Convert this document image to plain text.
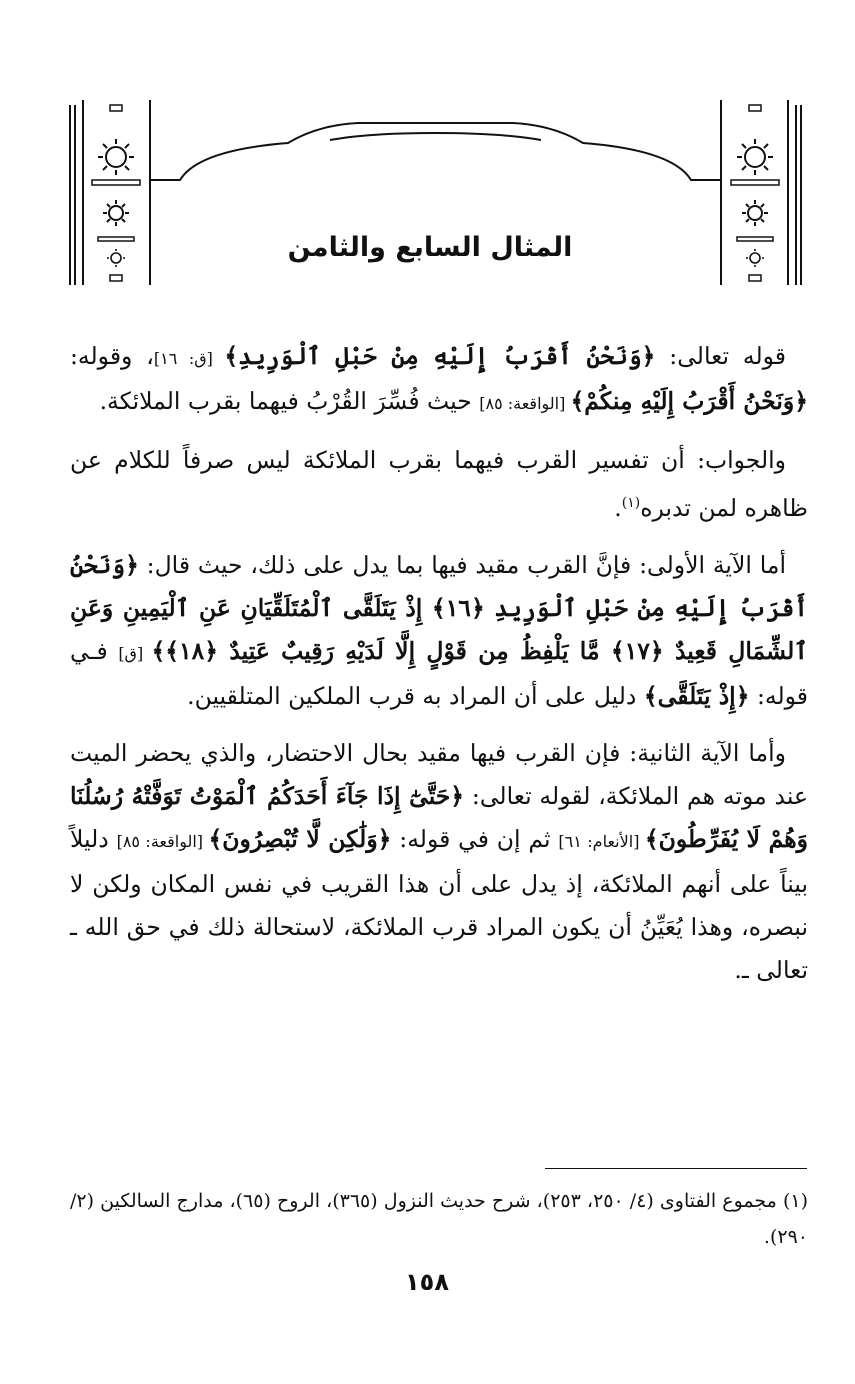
المثال السابع والثامن

قوله تعالى: ﴿وَنَحْنُ أَقْرَبُ إِلَيْهِ مِنْ حَبْلِ ٱلْوَرِيدِ﴾ [ق: ١٦]، وقوله: ﴿وَنَحْنُ أَقْرَبُ إِلَيْهِ مِنكُمْ﴾ [الواقعة: ٨٥] حيث فُسِّرَ القُرْبُ فيهما بقرب الملائكة.

والجواب: أن تفسير القرب فيهما بقرب الملائكة ليس صرفاً للكلام عن ظاهره لمن تدبره$^{(١)}$.

أما الآية الأولى: فإنَّ القرب مقيد فيها بما يدل على ذلك، حيث قال: ﴿وَنَحْنُ أَقْرَبُ إِلَيْهِ مِنْ حَبْلِ ٱلْوَرِيدِ ﴿١٦﴾ إِذْ يَتَلَقَّى ٱلْمُتَلَقِّيَانِ عَنِ ٱلْيَمِينِ وَعَنِ ٱلشِّمَالِ قَعِيدٌ ﴿١٧﴾ مَّا يَلْفِظُ مِن قَوْلٍ إِلَّا لَدَيْهِ رَقِيبٌ عَتِيدٌ ﴿١٨﴾﴾ [ق] فـي قوله: ﴿إِذْ يَتَلَقَّى﴾ دليل على أن المراد به قرب الملكين المتلقيين.

وأما الآية الثانية: فإن القرب فيها مقيد بحال الاحتضار، والذي يحضر الميت عند موته هم الملائكة، لقوله تعالى: ﴿حَتَّىٰٓ إِذَا جَآءَ أَحَدَكُمُ ٱلْمَوْتُ تَوَفَّتْهُ رُسُلُنَا وَهُمْ لَا يُفَرِّطُونَ﴾ [الأنعام: ٦١] ثم إن في قوله: ﴿وَلَٰكِن لَّا تُبْصِرُونَ﴾ [الواقعة: ٨٥] دليلاً بيناً على أنهم الملائكة، إذ يدل على أن هذا القريب في نفس المكان ولكن لا نبصره، وهذا يُعَيِّنُ أن يكون المراد قرب الملائكة، لاستحالة ذلك في حق الله ـ تعالى ـ.

(١) مجموع الفتاوى (٤/ ٢٥٠، ٢٥٣)، شرح حديث النزول (٣٦٥)، الروح (٦٥)، مدارج السالكين (٢/ ٢٩٠).

١٥٨
